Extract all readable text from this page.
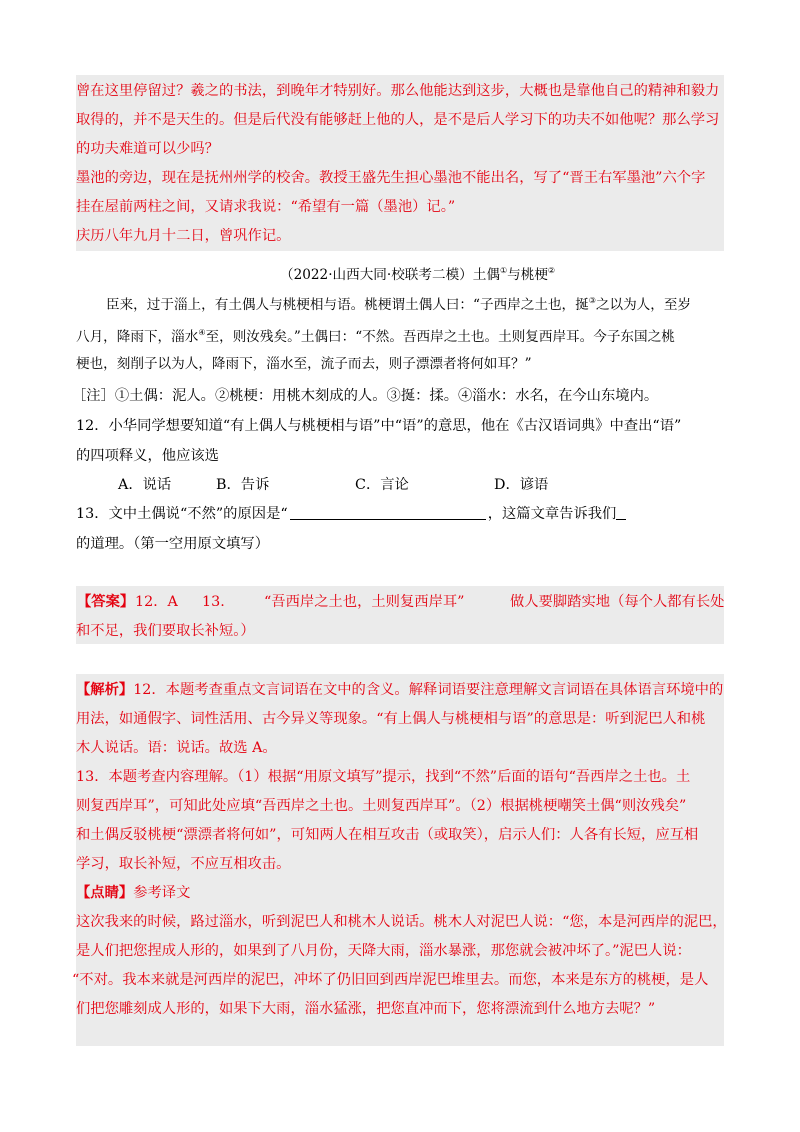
曾在这里停留过？羲之的书法，到晚年才特别好。那么他能达到这步，大概也是靠他自己的精神和毅力
取得的，并不是天生的。但是后代没有能够赶上他的人，是不是后人学习下的功夫不如他呢？那么学习
的功夫难道可以少吗？
墨池的旁边，现在是抚州州学的校舍。教授王盛先生担心墨池不能出名，写了“晋王右军墨池”六个字
挂在屋前两柱之间，又请求我说：“希望有一篇（墨池）记。”
庆历八年九月十二日，曾巩作记。
（2022·山西大同·校联考二模）土偶①与桃梗②
臣来，过于淄上，有土偶人与桃梗相与语。桃梗谓土偶人曰：“子西岸之土也，挻③之以为人，至岁
八月，降雨下，淄水④至，则汝残矣。”土偶曰：“不然。吾西岸之土也。土则复西岸耳。今子东国之桃
梗也，刻削子以为人，降雨下，淄水至，流子而去，则子漂漂者将何如耳？”
［注］①土偶：泥人。②桃梗：用桃木刻成的人。③挻：揉。④淄水：水名，在今山东境内。
12．小华同学想要知道“有上偶人与桃梗相与语”中“语”的意思，他在《古汉语词典》中查出“语”
的四项释义，他应该选
A．说话	B．告诉	C．言论	D．谚语
13．文中土偶说“不然”的原因是“	，这篇文章告诉我们
的道理。（第一空用原文填写）
【答案】 12．A 13.	“吾西岸之土也，土则复西岸耳”	做人要脚踏实地（每个人都有长处
和不足，我们要取长补短。）
【解析】12．本题考查重点文言词语在文中的含义。解释词语要注意理解文言词语在具体语言环境中的
用法，如通假字、词性活用、古今异义等现象。“有上偶人与桃梗相与语”的意思是：听到泥巴人和桃
木人说话。语：说话。故选 A。
13．本题考查内容理解。（1）根据“用原文填写”提示，找到“不然”后面的语句“吾西岸之土也。土
则复西岸耳”，可知此处应填“吾西岸之土也。土则复西岸耳”。（2）根据桃梗嘲笑土偶“则汝残矣”
和土偶反驳桃梗“漂漂者将何如”，可知两人在相互攻击（或取笑），启示人们：人各有长短，应互相
学习，取长补短，不应互相攻击。
【点睛】参考译文
这次我来的时候，路过淄水，听到泥巴人和桃木人说话。桃木人对泥巴人说：“您，本是河西岸的泥巴，
是人们把您捏成人形的，如果到了八月份，天降大雨，淄水暴涨，那您就会被冲坏了。”泥巴人说：
“不对。我本来就是河西岸的泥巴，冲坏了仍旧回到西岸泥巴堆里去。而您，本来是东方的桃梗，是人
们把您雕刻成人形的，如果下大雨，淄水猛涨，把您直冲而下，您将漂流到什么地方去呢？”
